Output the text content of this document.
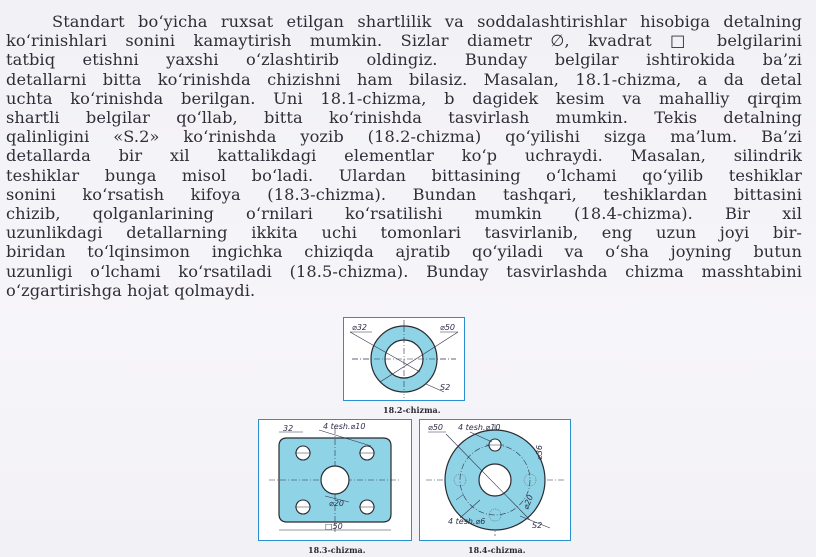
Standart bo‘yicha ruxsat etilgan shartlilik va soddalashtirishlar hisobiga detalning
ko‘rinishlari sonini kamaytirish mumkin. Sizlar diametr ∅, kvadrat □ belgilarini
tatbiq etishni yaxshi o‘zlashtirib oldingiz. Bunday belgilar ishtirokida ba’zi
detallarni bitta ko‘rinishda chizishni ham bilasiz. Masalan, 18.1-chizma, a da detal
uchta ko‘rinishda berilgan. Uni 18.1-chizma, b dagidek kesim va mahalliy qirqim
shartli belgilar qo‘llab, bitta ko‘rinishda tasvirlash mumkin. Tekis detalning
qalinligini «S.2» ko‘rinishda yozib (18.2-chizma) qo‘yilishi sizga ma’lum. Ba’zi
detallarda bir xil kattalikdagi elementlar ko‘p uchraydi. Masalan, silindrik
teshiklar bunga misol bo‘ladi. Ulardan bittasining o‘lchami qo‘yilib teshiklar
sonini ko‘rsatish kifoya (18.3-chizma). Bundan tashqari, teshiklardan bittasini
chizib, qolganlarining o‘rnilari ko‘rsatilishi mumkin (18.4-chizma). Bir xil
uzunlikdagi detallarning ikkita uchi tomonlari tasvirlanib, eng uzun joyi bir-
biridan to‘lqinsimon ingichka chiziqda ajratib qo‘yiladi va o‘sha joyning butun
uzunligi o‘lchami ko‘rsatiladi (18.5-chizma). Bunday tasvirlashda chizma masshtabini
o‘zgartirishga hojat qolmaydi.
⌀32	⌀50
S2
18.2-chizma.
32	4 tesh.⌀10
⌀20
□50
18.3-chizma.
⌀50 4 tesh.⌀10
⌀36
⌀20
4 tesh.⌀6	S2
18.4-chizma.
